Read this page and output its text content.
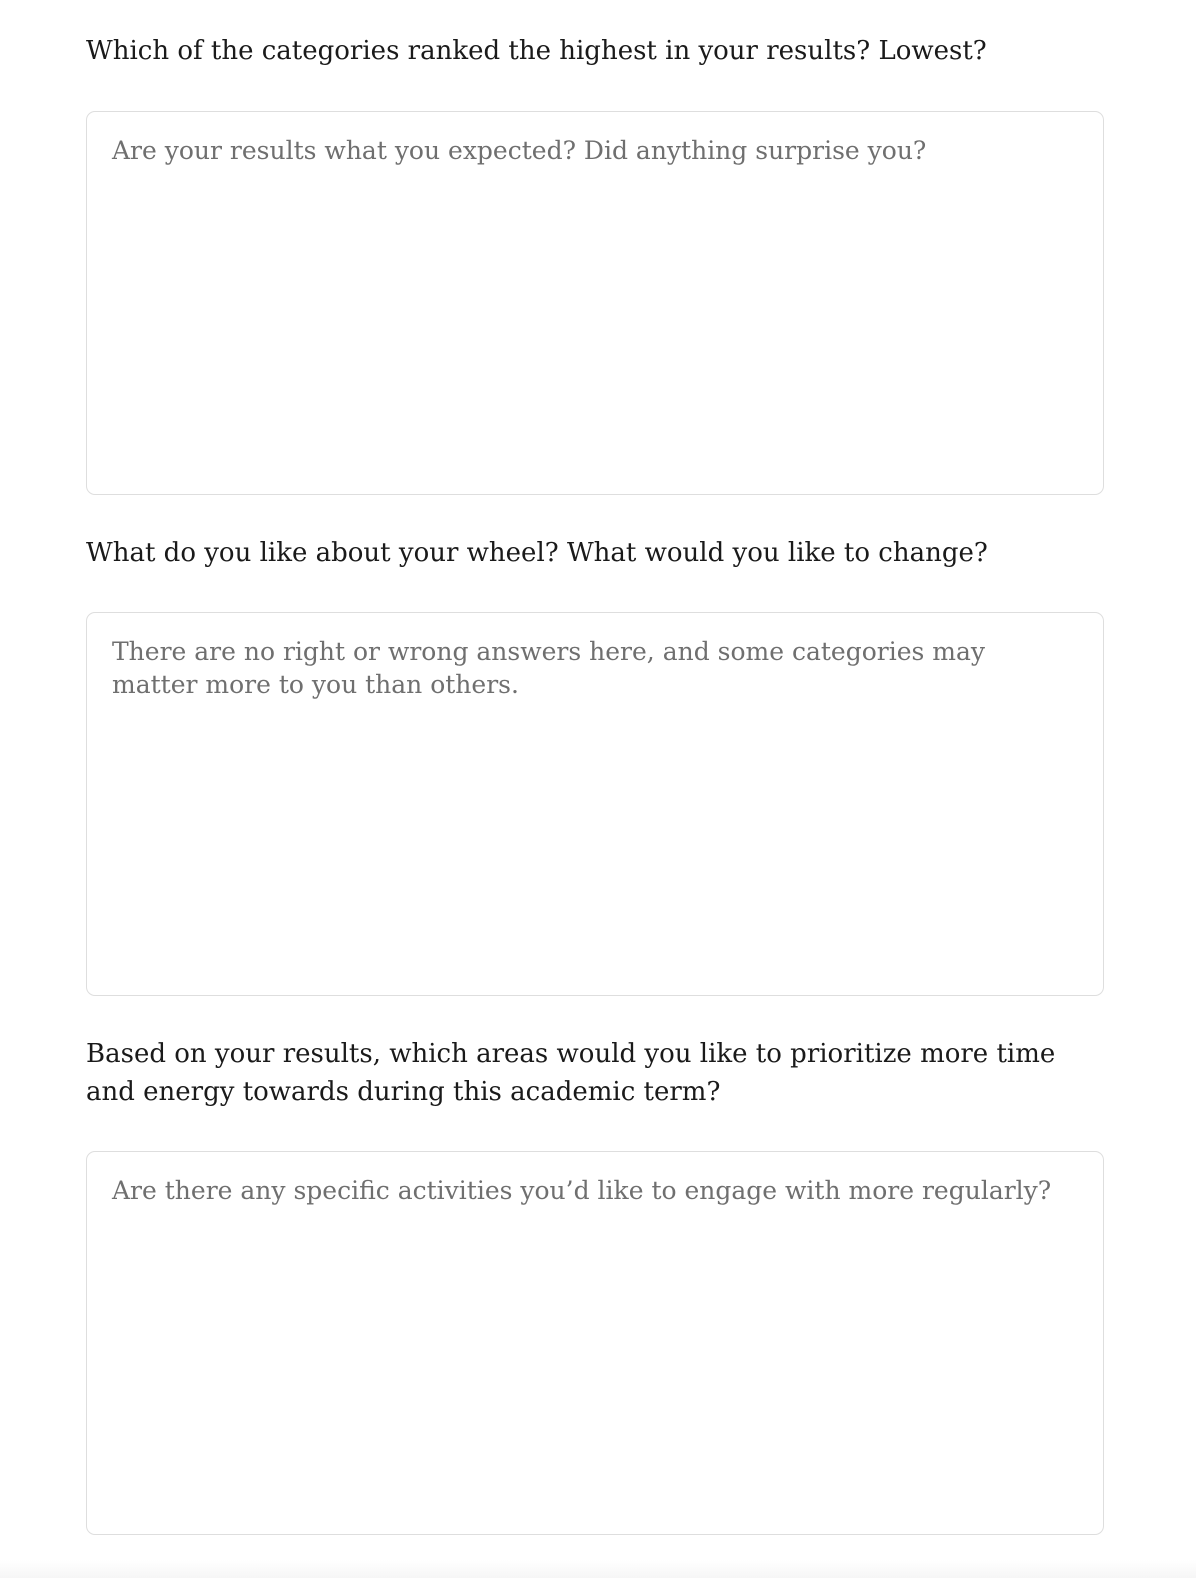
Which of the categories ranked the highest in your results? Lowest?

Are your results what you expected? Did anything surprise you?

What do you like about your wheel? What would you like to change?

There are no right or wrong answers here, and some categories may matter more to you than others.

Based on your results, which areas would you like to prioritize more time and energy towards during this academic term?

Are there any specific activities you’d like to engage with more regularly?
